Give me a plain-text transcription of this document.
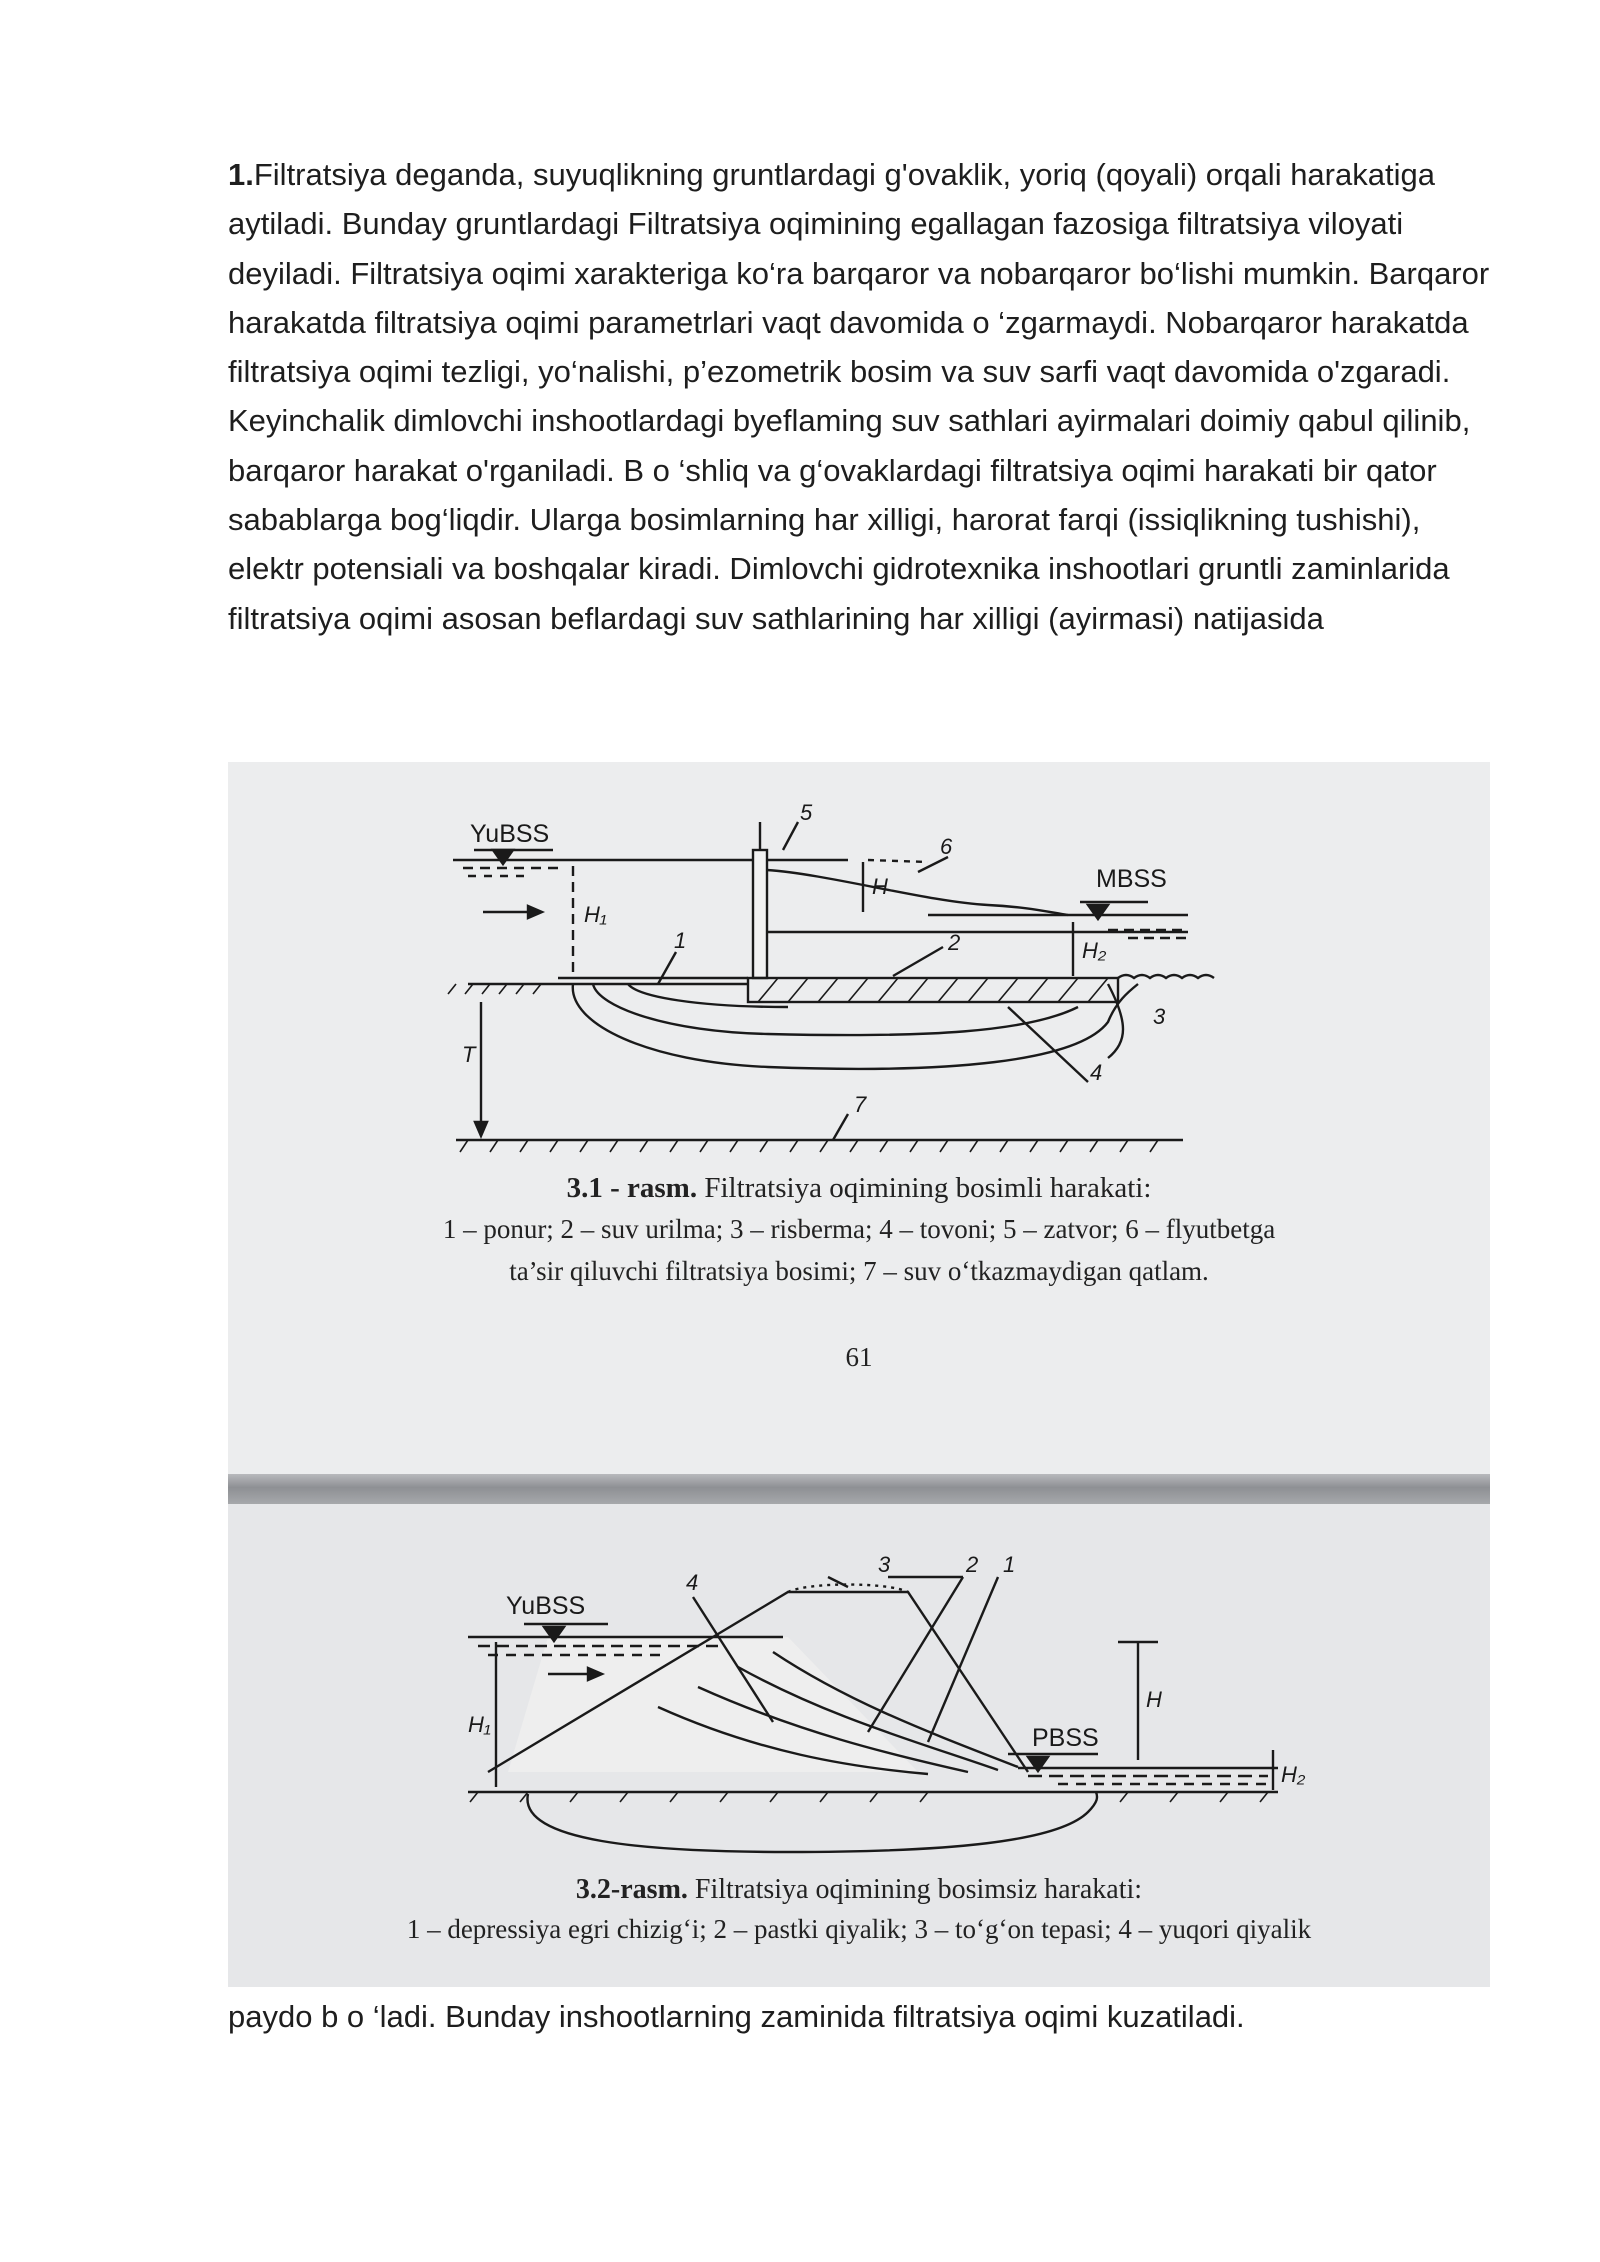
1.Filtratsiya deganda, suyuqlikning gruntlardagi g'ovaklik, yoriq (qoyali) orqali harakatiga aytiladi. Bunday gruntlardagi Filtratsiya oqimining egallagan fazosiga filtratsiya viloyati deyiladi. Filtratsiya oqimi xarakteriga ko‘ra barqaror va nobarqaror bo‘lishi mumkin. Barqaror harakatda filtratsiya oqimi parametrlari vaqt davomida o ‘zgarmaydi. Nobarqaror harakatda filtratsiya oqimi tezligi, yo‘nalishi, p’ezometrik bosim va suv sarfi vaqt davomida o'zgaradi. Keyinchalik dimlovchi inshootlardagi byeflaming suv sathlari ayirmalari doimiy qabul qilinib, barqaror harakat o'rganiladi. B o ‘shliq va g‘ovaklardagi filtratsiya oqimi harakati bir qator sabablarga bog‘liqdir. Ularga bosimlarning har xilligi, harorat farqi (issiqlikning tushishi), elektr potensiali va boshqalar kiradi. Dimlovchi gidrotexnika inshootlari gruntli zaminlarida filtratsiya oqimi asosan beflardagi suv sathlarining har xilligi (ayirmasi) natijasida

YuBSS
MBSS
1	2
3
4
5
6
7
H₁
H
H₂
T

3.1 - rasm. Filtratsiya oqimining bosimli harakati:

1 – ponur; 2 – suv urilma; 3 – risberma; 4 – tovoni; 5 – zatvor; 6 – flyutbetga

ta’sir qiluvchi filtratsiya bosimi; 7 – suv o‘tkazmaydigan qatlam.

61

YuBSS
PBSS
1
2
3
4
H₁
H
H₂

3.2-rasm. Filtratsiya oqimining bosimsiz harakati:

1 – depressiya egri chizig‘i; 2 – pastki qiyalik; 3 – to‘g‘on tepasi; 4 – yuqori qiyalik

paydo b o ‘ladi. Bunday inshootlarning zaminida filtratsiya oqimi kuzatiladi.
